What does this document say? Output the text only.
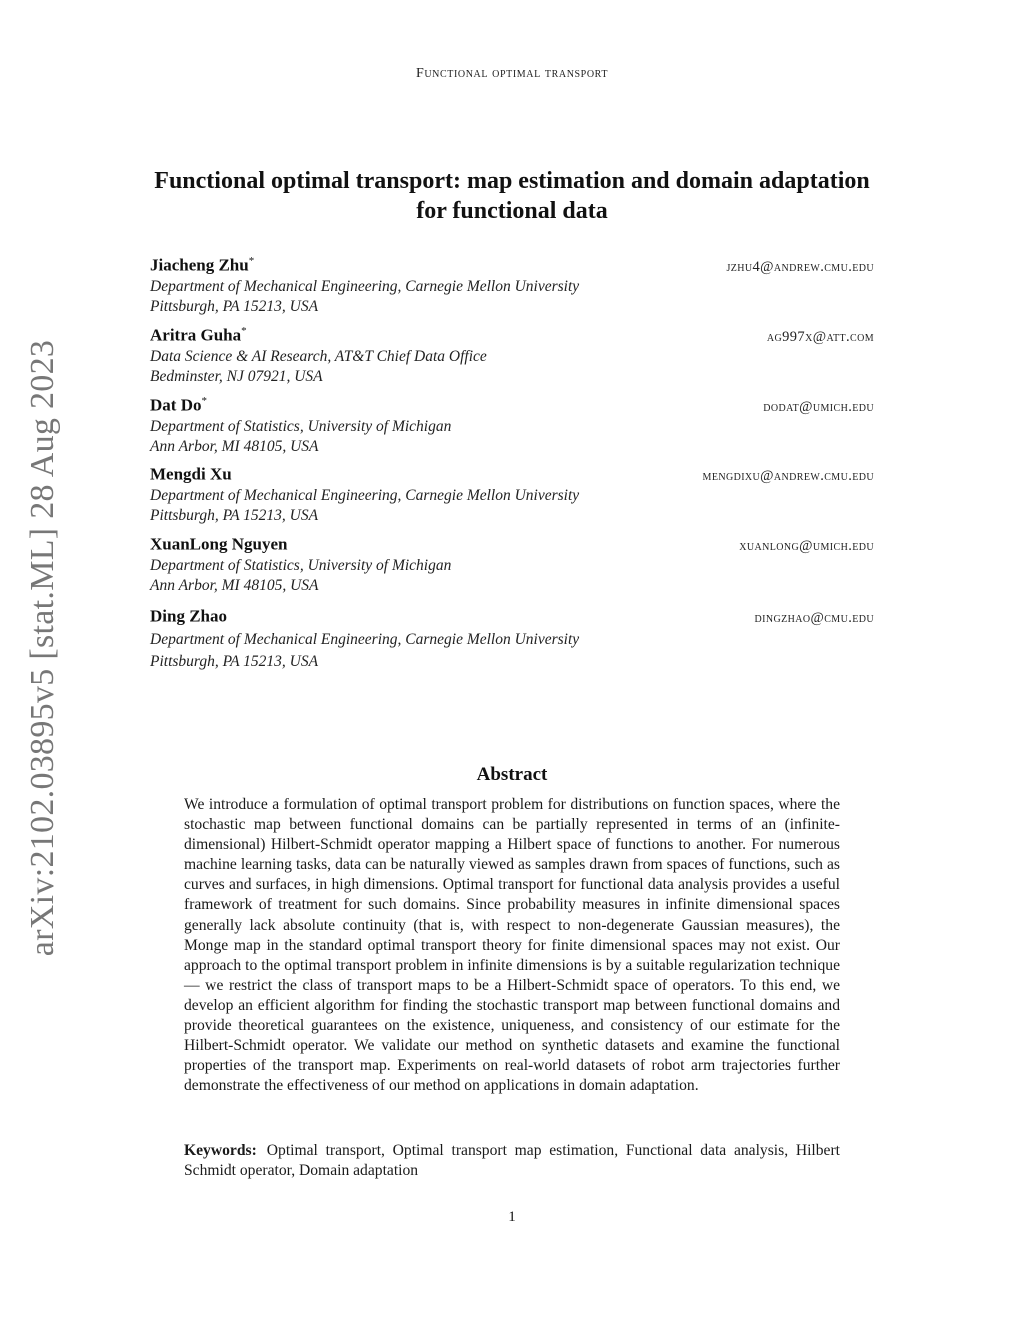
Functional optimal transport
arXiv:2102.03895v5 [stat.ML] 28 Aug 2023
Functional optimal transport: map estimation and domain adaptation for functional data
Jiacheng Zhu*	jzhu4@andrew.cmu.edu
Department of Mechanical Engineering, Carnegie Mellon University
Pittsburgh, PA 15213, USA
Aritra Guha*	ag997x@att.com
Data Science & AI Research, AT&T Chief Data Office
Bedminster, NJ 07921, USA
Dat Do*	dodat@umich.edu
Department of Statistics, University of Michigan
Ann Arbor, MI 48105, USA
Mengdi Xu	mengdixu@andrew.cmu.edu
Department of Mechanical Engineering, Carnegie Mellon University
Pittsburgh, PA 15213, USA
XuanLong Nguyen	xuanlong@umich.edu
Department of Statistics, University of Michigan
Ann Arbor, MI 48105, USA
Ding Zhao	dingzhao@cmu.edu
Department of Mechanical Engineering, Carnegie Mellon University
Pittsburgh, PA 15213, USA
Abstract
We introduce a formulation of optimal transport problem for distributions on function spaces, where the stochastic map between functional domains can be partially represented in terms of an (infinite-dimensional) Hilbert-Schmidt operator mapping a Hilbert space of functions to another. For numerous machine learning tasks, data can be naturally viewed as samples drawn from spaces of functions, such as curves and surfaces, in high dimensions. Optimal transport for functional data analysis provides a useful framework of treatment for such domains. Since probability measures in infinite dimensional spaces generally lack absolute continuity (that is, with respect to non-degenerate Gaussian measures), the Monge map in the standard optimal transport theory for finite dimensional spaces may not exist. Our approach to the optimal transport problem in infinite dimensions is by a suitable regularization technique — we restrict the class of transport maps to be a Hilbert-Schmidt space of operators. To this end, we develop an efficient algorithm for finding the stochastic transport map between functional domains and provide theoretical guarantees on the existence, uniqueness, and consistency of our estimate for the Hilbert-Schmidt operator. We validate our method on synthetic datasets and examine the functional properties of the transport map. Experiments on real-world datasets of robot arm trajectories further demonstrate the effectiveness of our method on applications in domain adaptation.
Keywords: Optimal transport, Optimal transport map estimation, Functional data analysis, Hilbert Schmidt operator, Domain adaptation
1
